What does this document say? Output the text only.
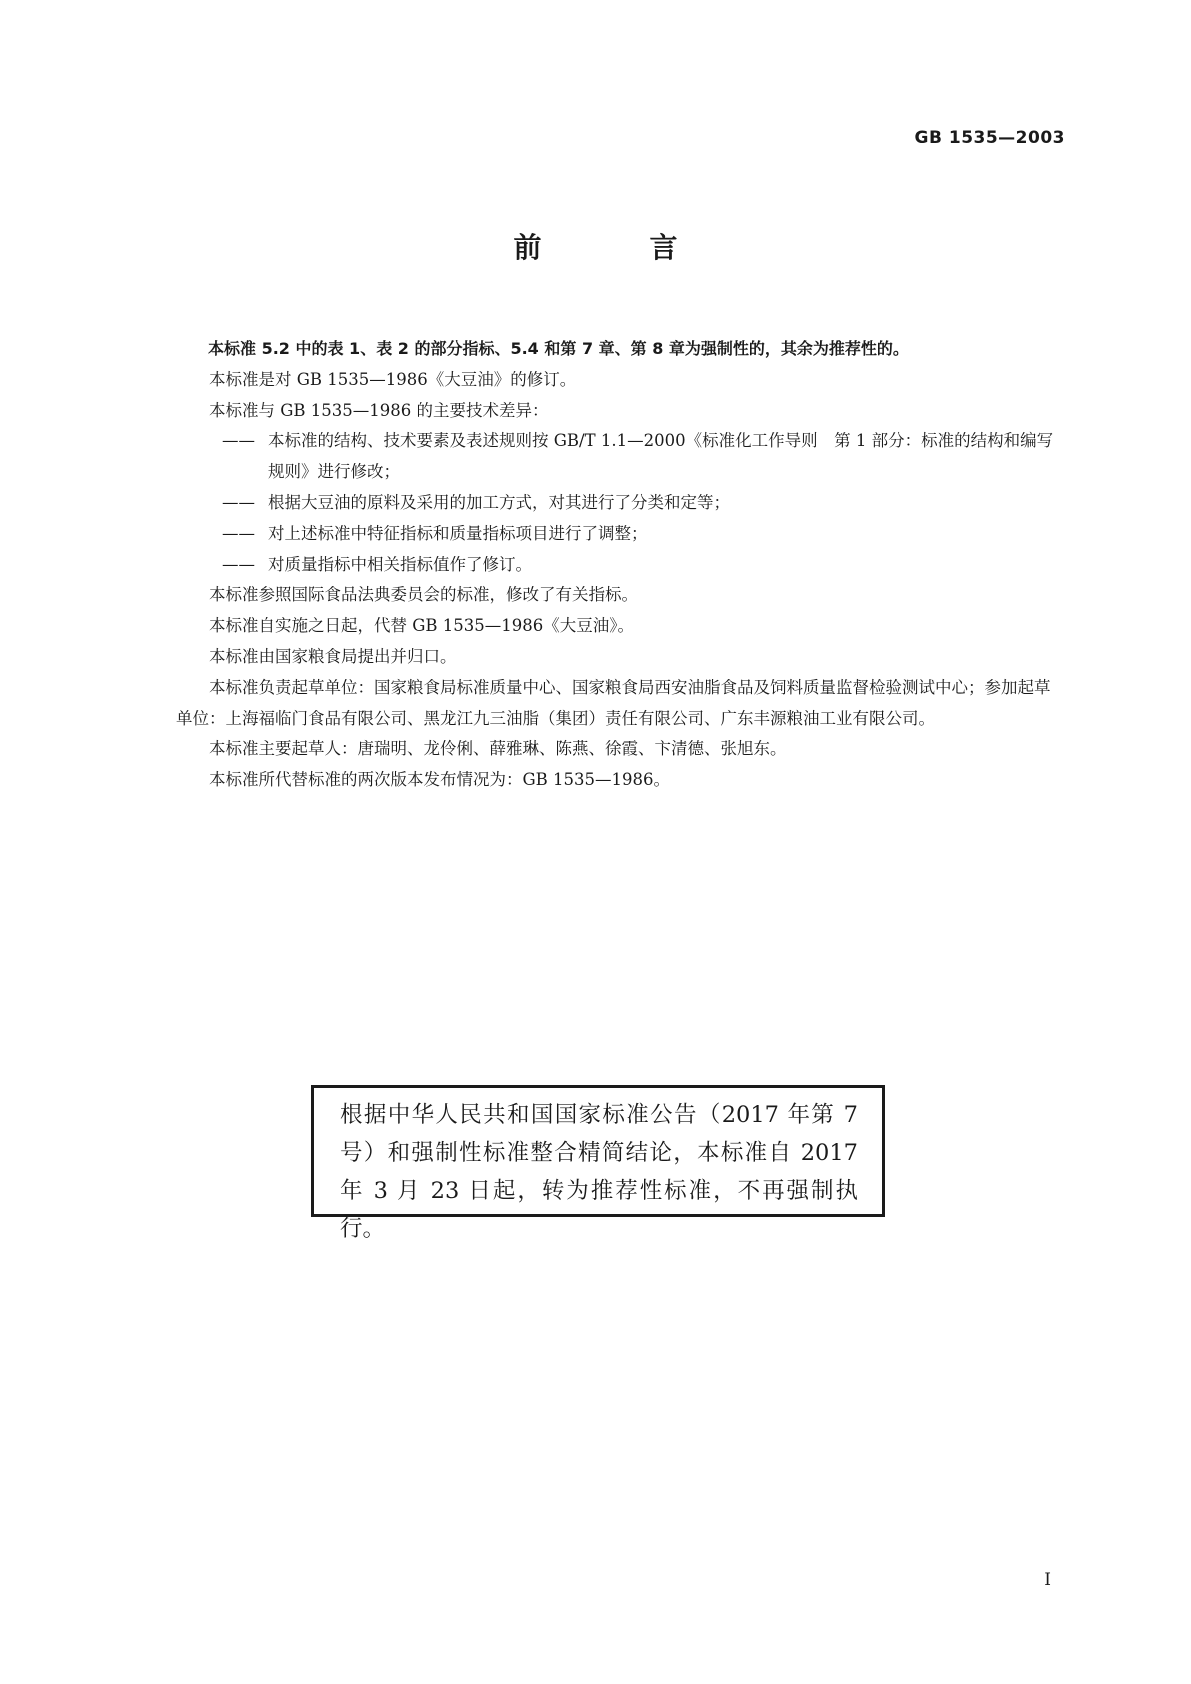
GB 1535—2003
前　言

本标准 5.2 中的表 1、表 2 的部分指标、5.4 和第 7 章、第 8 章为强制性的，其余为推荐性的。

本标准是对 GB 1535—1986《大豆油》的修订。

本标准与 GB 1535—1986 的主要技术差异：

—— 本标准的结构、技术要素及表述规则按 GB/T 1.1—2000《标准化工作导则　第 1 部分：标准的结构和编写规则》进行修改；

—— 根据大豆油的原料及采用的加工方式，对其进行了分类和定等；

—— 对上述标准中特征指标和质量指标项目进行了调整；

—— 对质量指标中相关指标值作了修订。

本标准参照国际食品法典委员会的标准，修改了有关指标。

本标准自实施之日起，代替 GB 1535—1986《大豆油》。

本标准由国家粮食局提出并归口。

本标准负责起草单位：国家粮食局标准质量中心、国家粮食局西安油脂食品及饲料质量监督检验测试中心；参加起草单位：上海福临门食品有限公司、黑龙江九三油脂（集团）责任有限公司、广东丰源粮油工业有限公司。

本标准主要起草人：唐瑞明、龙伶俐、薛雅琳、陈燕、徐霞、卞清德、张旭东。

本标准所代替标准的两次版本发布情况为：GB 1535—1986。

根据中华人民共和国国家标准公告（2017 年第 7 号）和强制性标准整合精简结论，本标准自 2017 年 3 月 23 日起，转为推荐性标准，不再强制执行。
I
